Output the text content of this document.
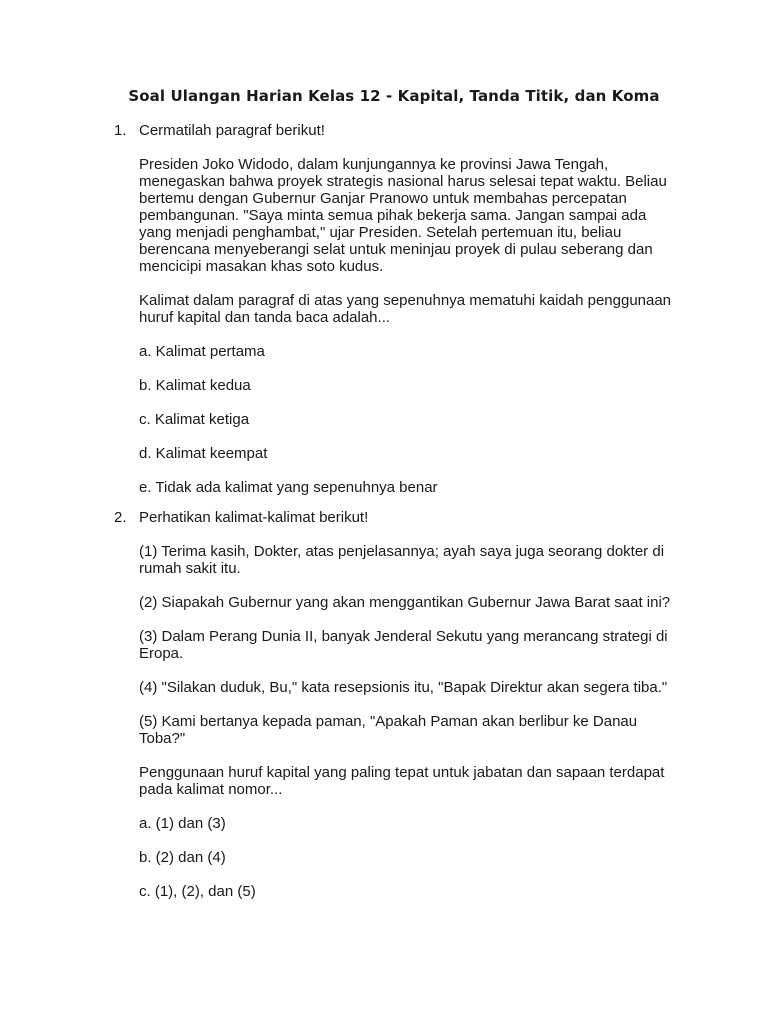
Soal Ulangan Harian Kelas 12 - Kapital, Tanda Titik, dan Koma

1. Cermatilah paragraf berikut!

Presiden Joko Widodo, dalam kunjungannya ke provinsi Jawa Tengah, menegaskan bahwa proyek strategis nasional harus selesai tepat waktu. Beliau bertemu dengan Gubernur Ganjar Pranowo untuk membahas percepatan pembangunan. "Saya minta semua pihak bekerja sama. Jangan sampai ada yang menjadi penghambat," ujar Presiden. Setelah pertemuan itu, beliau berencana menyeberangi selat untuk meninjau proyek di pulau seberang dan mencicipi masakan khas soto kudus.

Kalimat dalam paragraf di atas yang sepenuhnya mematuhi kaidah penggunaan huruf kapital dan tanda baca adalah...

a. Kalimat pertama

b. Kalimat kedua

c. Kalimat ketiga

d. Kalimat keempat

e. Tidak ada kalimat yang sepenuhnya benar

2. Perhatikan kalimat-kalimat berikut!

(1) Terima kasih, Dokter, atas penjelasannya; ayah saya juga seorang dokter di rumah sakit itu.

(2) Siapakah Gubernur yang akan menggantikan Gubernur Jawa Barat saat ini?

(3) Dalam Perang Dunia II, banyak Jenderal Sekutu yang merancang strategi di Eropa.

(4) "Silakan duduk, Bu," kata resepsionis itu, "Bapak Direktur akan segera tiba."

(5) Kami bertanya kepada paman, "Apakah Paman akan berlibur ke Danau Toba?"

Penggunaan huruf kapital yang paling tepat untuk jabatan dan sapaan terdapat pada kalimat nomor...

a. (1) dan (3)

b. (2) dan (4)

c. (1), (2), dan (5)
